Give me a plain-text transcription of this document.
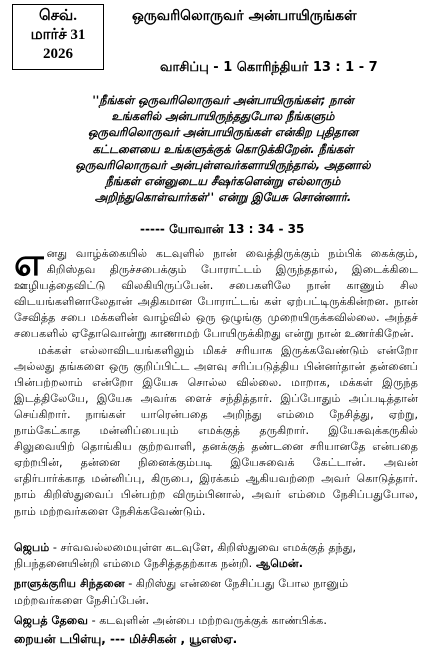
செவ்.
மார்ச் 31
2026
ஒருவரிலொருவர் அன்பாயிருங்கள்
வாசிப்பு - 1 கொரிந்தியர் 13 : 1 - 7

''நீங்கள் ஒருவரிலொருவர் அன்பாயிருங்கள்; நான்

உங்களில் அன்பாயிருந்ததுபோல நீங்களும்

ஒருவரிலொருவர் அன்பாயிருங்கள் என்கிற புதிதான

கட்டளையை உங்களுக்குக் கொடுக்கிறேன். நீங்கள்

ஒருவரிலொருவர் அன்புள்ளவர்களாயிருந்தால், அதனால்

நீங்கள் என்னுடைய சீஷர்களென்று எல்லாரும்

அறிந்துகொள்வார்கள்'' என்று இயேசு சொன்னார்.

----- யோவான் 13 : 34 - 35

எனது வாழ்க்கையில் கடவுளில் நான் வைத்திருக்கும் நம்பிக் கைக்கும், கிறிஸ்தவ திருச்சபைக்கும் போராட்டம் இருந்ததால், இடைக்கிடை ஊழியத்தைவிட்டு விலகியிருப்பேன். சபைகளிலே நான் காணும் சில விடயங்களினாலேதான் அதிகமான போராட்டங் கள் ஏற்பட்டிருக்கின்றன. நான் சேவித்த சபை மக்களின் வாழ்வில் ஒரு ஒழுங்கு முறையிருக்கவில்லை. அந்தச் சபைகளில் ஏதோவொன்று காணாமற் போயிருக்கிறது என்று நான் உணர்கிறேன்.

மக்கள் எல்லாவிடயங்களிலும் மிகச் சரியாக இருக்கவேண்டும் என்றோ அல்லது தங்களை ஒரு குறிப்பிட்ட அளவு சரிப்படுத்திய பின்னர்தான் தன்னைப் பின்பற்றலாம் என்றோ இயேசு சொல்ல வில்லை. மாறாக, மக்கள் இருந்த இடத்திலேயே, இயேசு அவர்க ளைச் சந்தித்தார். இப்போதும் அப்படித்தான் செய்கிறார். நாங்கள் யாரென்பதை அறிந்து எம்மை நேசித்து, ஏற்று, நாம்கேட்காத மன்னிப்பையும் எமக்குத் தருகிறார். இயேசுவுக்கருகில் சிலுவையிற் தொங்கிய குற்றவாளி, தனக்குத் தண்டனை சரியானதே என்பதை ஏற்றபின், தன்னை நினைக்கும்படி இயேசுவைக் கேட்டான். அவன் எதிர்பார்க்காத மன்னிப்பு, கிருபை, இரக்கம் ஆகியவற்றை அவர் கொடுத்தார். நாம் கிறிஸ்துவைப் பின்பற்ற விரும்பினால், அவர் எம்மை நேசிப்பதுபோல, நாம் மற்றவர்களை நேசிக்கவேண்டும்.

ஜெபம் - சர்வவல்லமையுள்ள கடவுளே, கிறிஸ்துவை எமக்குத் தந்து, நிபந்தனையின்றி எம்மை நேசித்ததற்காக நன்றி. ஆமென்.

நாளுக்குரிய சிந்தனை - கிறிஸ்து என்னை நேசிப்பது போல நானும் மற்றவர்களை நேசிப்பேன்.

ஜெபத் தேவை - கடவுளின் அன்பை மற்றவருக்குக் காண்பிக்க.

றையன் டபிள்யு, --- மிச்சிகன் , யூஎஸ்ஏ.
